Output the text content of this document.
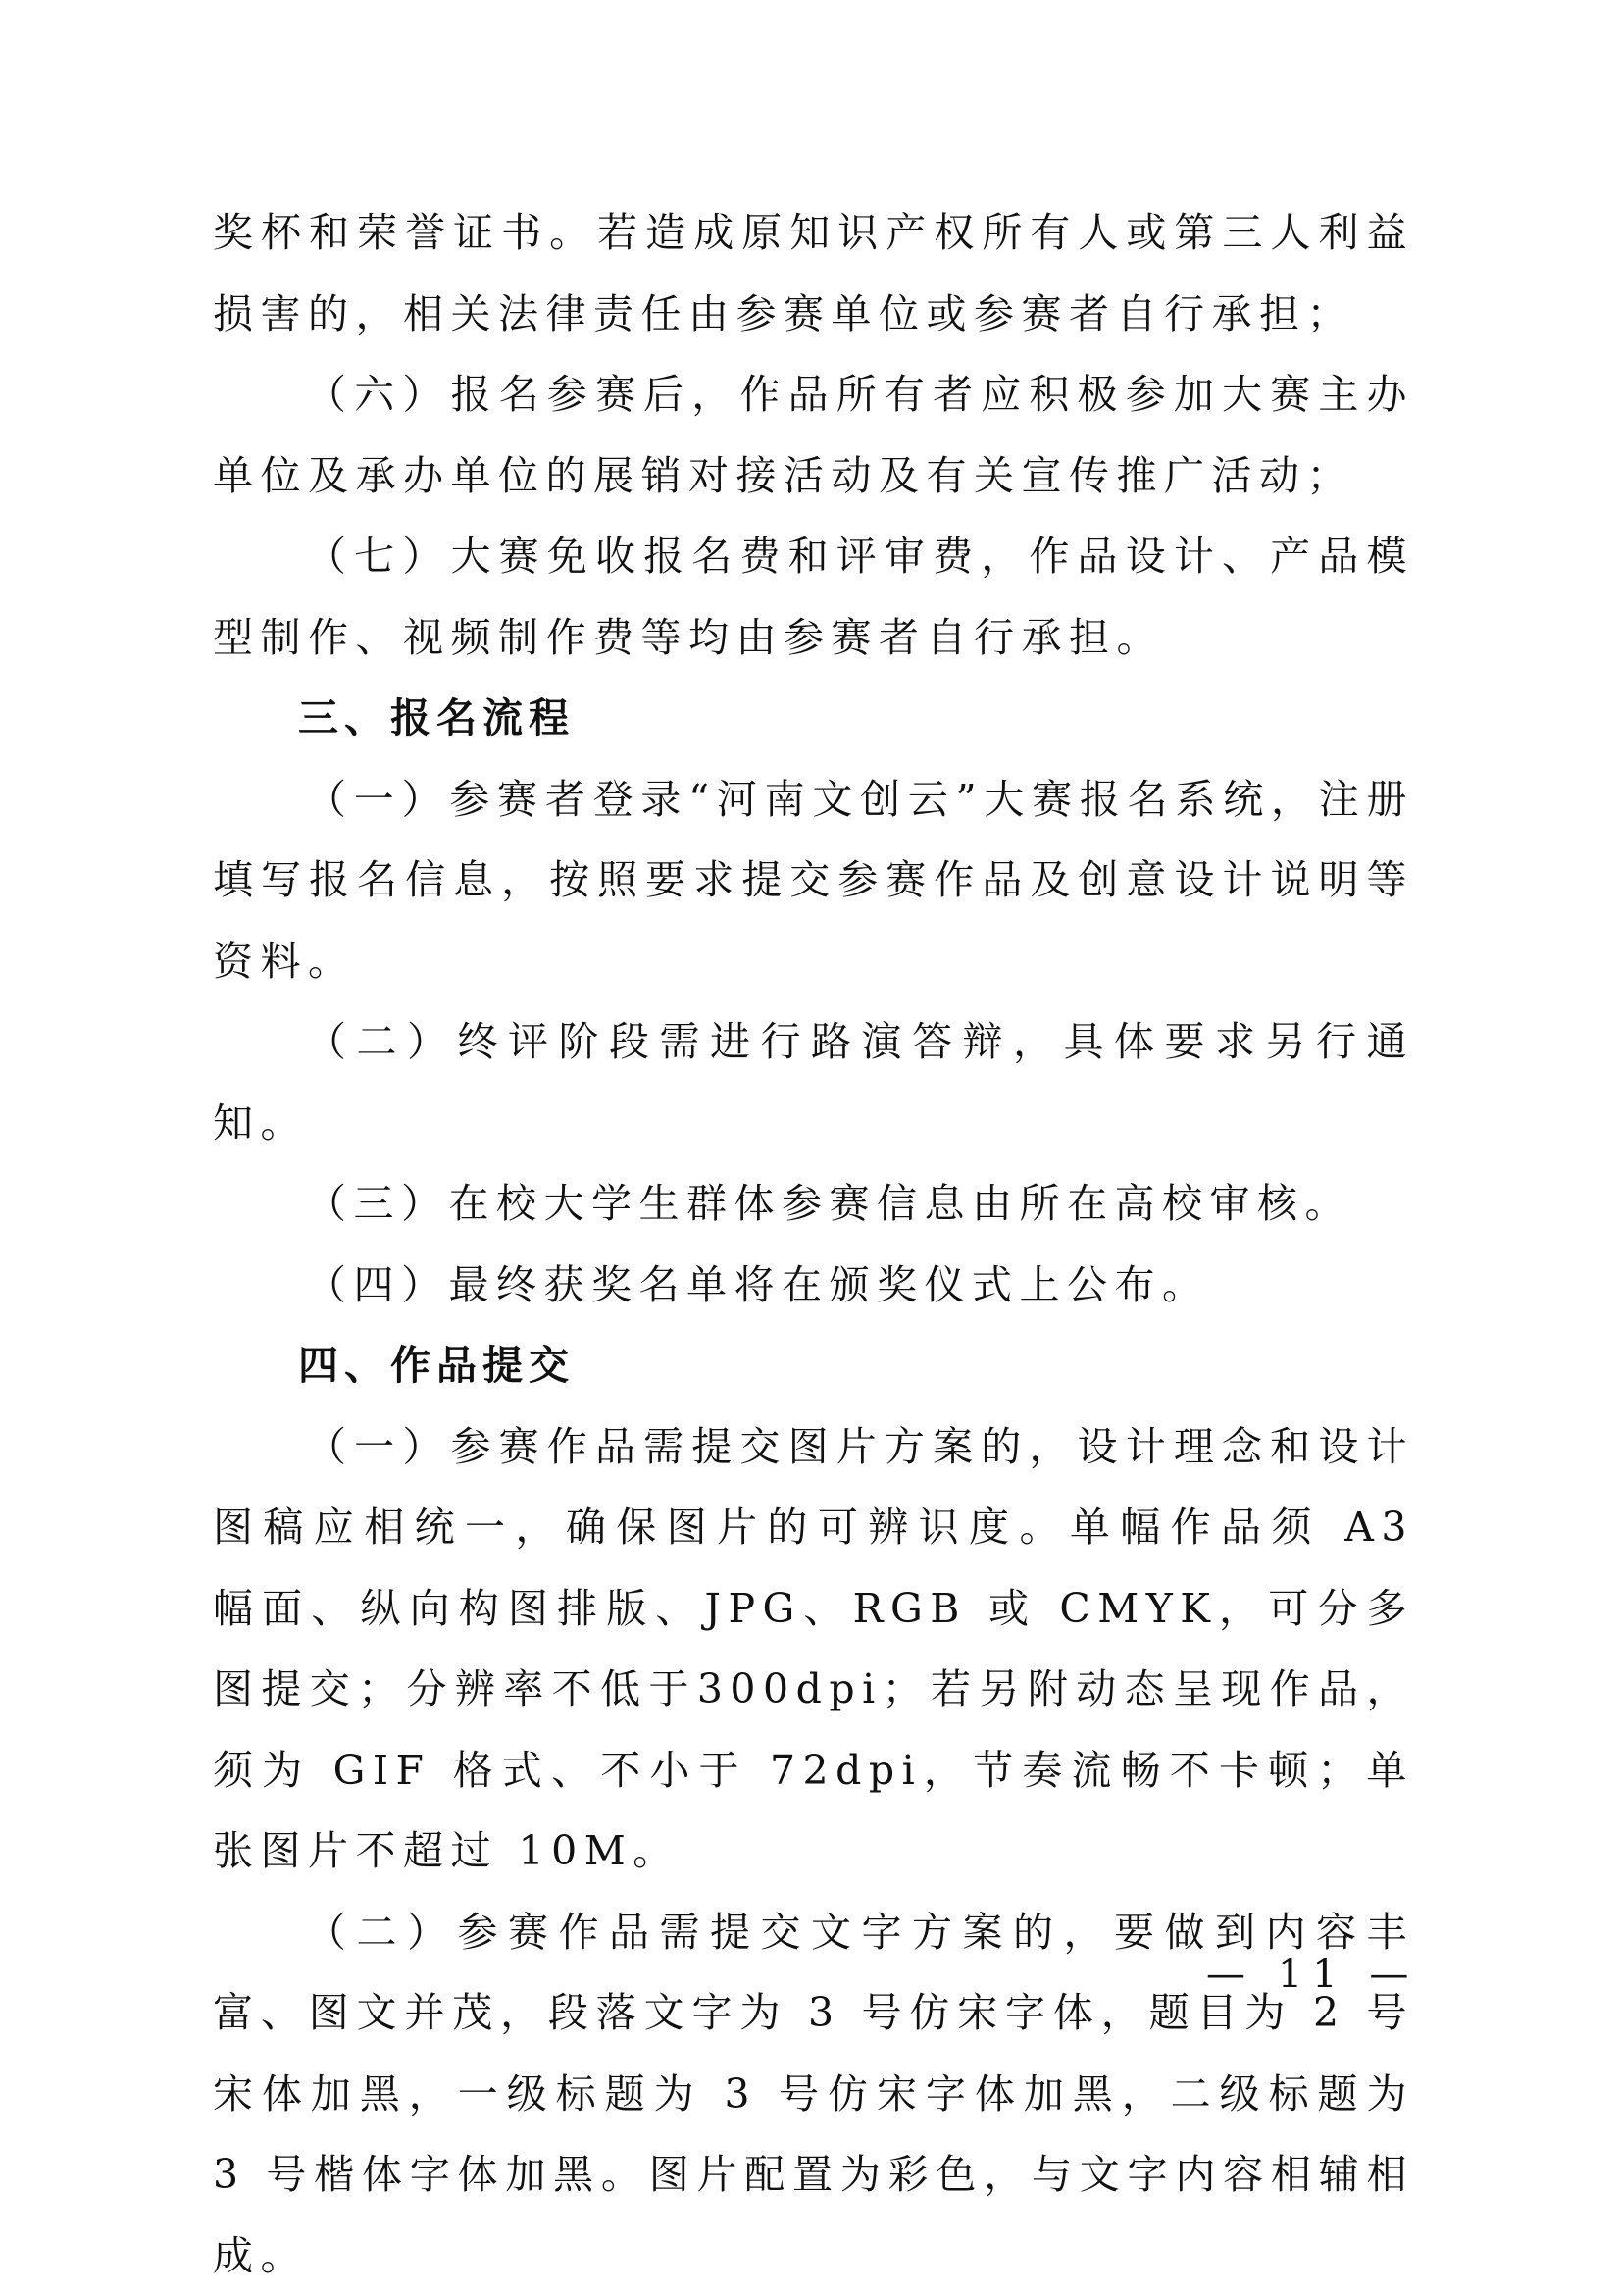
奖杯和荣誉证书。若造成原知识产权所有人或第三人利益损害的，相关法律责任由参赛单位或参赛者自行承担；

（六）报名参赛后，作品所有者应积极参加大赛主办单位及承办单位的展销对接活动及有关宣传推广活动；

（七）大赛免收报名费和评审费，作品设计、产品模型制作、视频制作费等均由参赛者自行承担。

三、报名流程

（一）参赛者登录“河南文创云”大赛报名系统，注册填写报名信息，按照要求提交参赛作品及创意设计说明等资料。

（二）终评阶段需进行路演答辩，具体要求另行通知。

（三）在校大学生群体参赛信息由所在高校审核。

（四）最终获奖名单将在颁奖仪式上公布。

四、作品提交

（一）参赛作品需提交图片方案的，设计理念和设计图稿应相统一，确保图片的可辨识度。单幅作品须 A3 幅面、纵向构图排版、JPG、RGB 或 CMYK，可分多图提交；分辨率不低于300dpi；若另附动态呈现作品，须为 GIF 格式、不小于 72dpi，节奏流畅不卡顿；单张图片不超过 10M。

（二）参赛作品需提交文字方案的，要做到内容丰富、图文并茂，段落文字为 3 号仿宋字体，题目为 2 号宋体加黑，一级标题为 3 号仿宋字体加黑，二级标题为 3 号楷体字体加黑。图片配置为彩色，与文字内容相辅相成。

— 11 —
